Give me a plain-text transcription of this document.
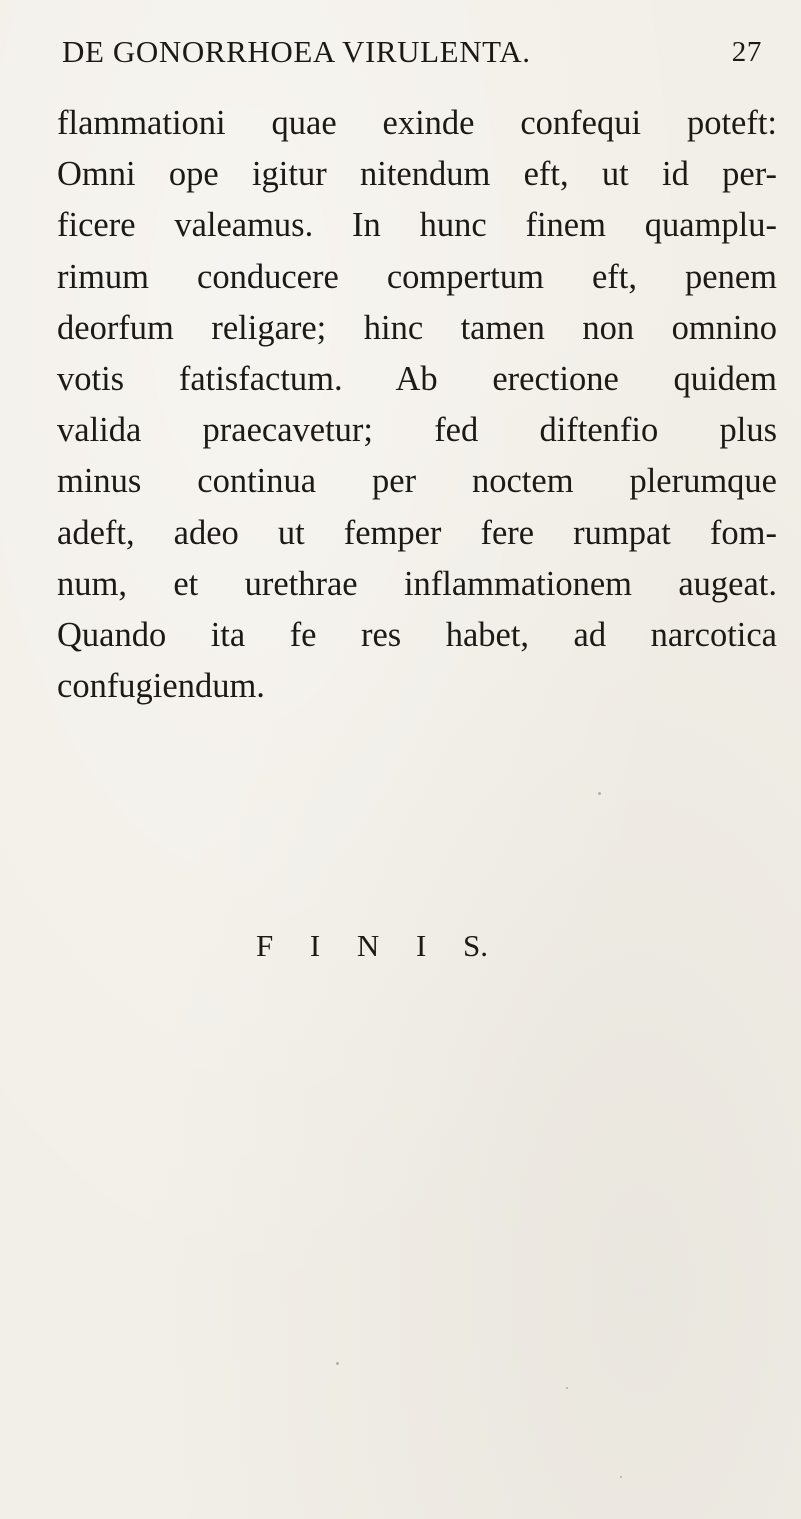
DE GONORRHOEA VIRULENTA.	27
flammationi quae exinde confequi poteft:
Omni ope igitur nitendum eft, ut id per-
ficere valeamus. In hunc finem quamplu-
rimum conducere compertum eft, penem
deorfum religare; hinc tamen non omnino
votis fatisfactum. Ab erectione quidem
valida praecavetur; fed diftenfio plus
minus continua per noctem plerumque
adeft, adeo ut femper fere rumpat fom-
num, et urethrae inflammationem augeat.
Quando ita fe res habet, ad narcotica
confugiendum.
F I N I S.
